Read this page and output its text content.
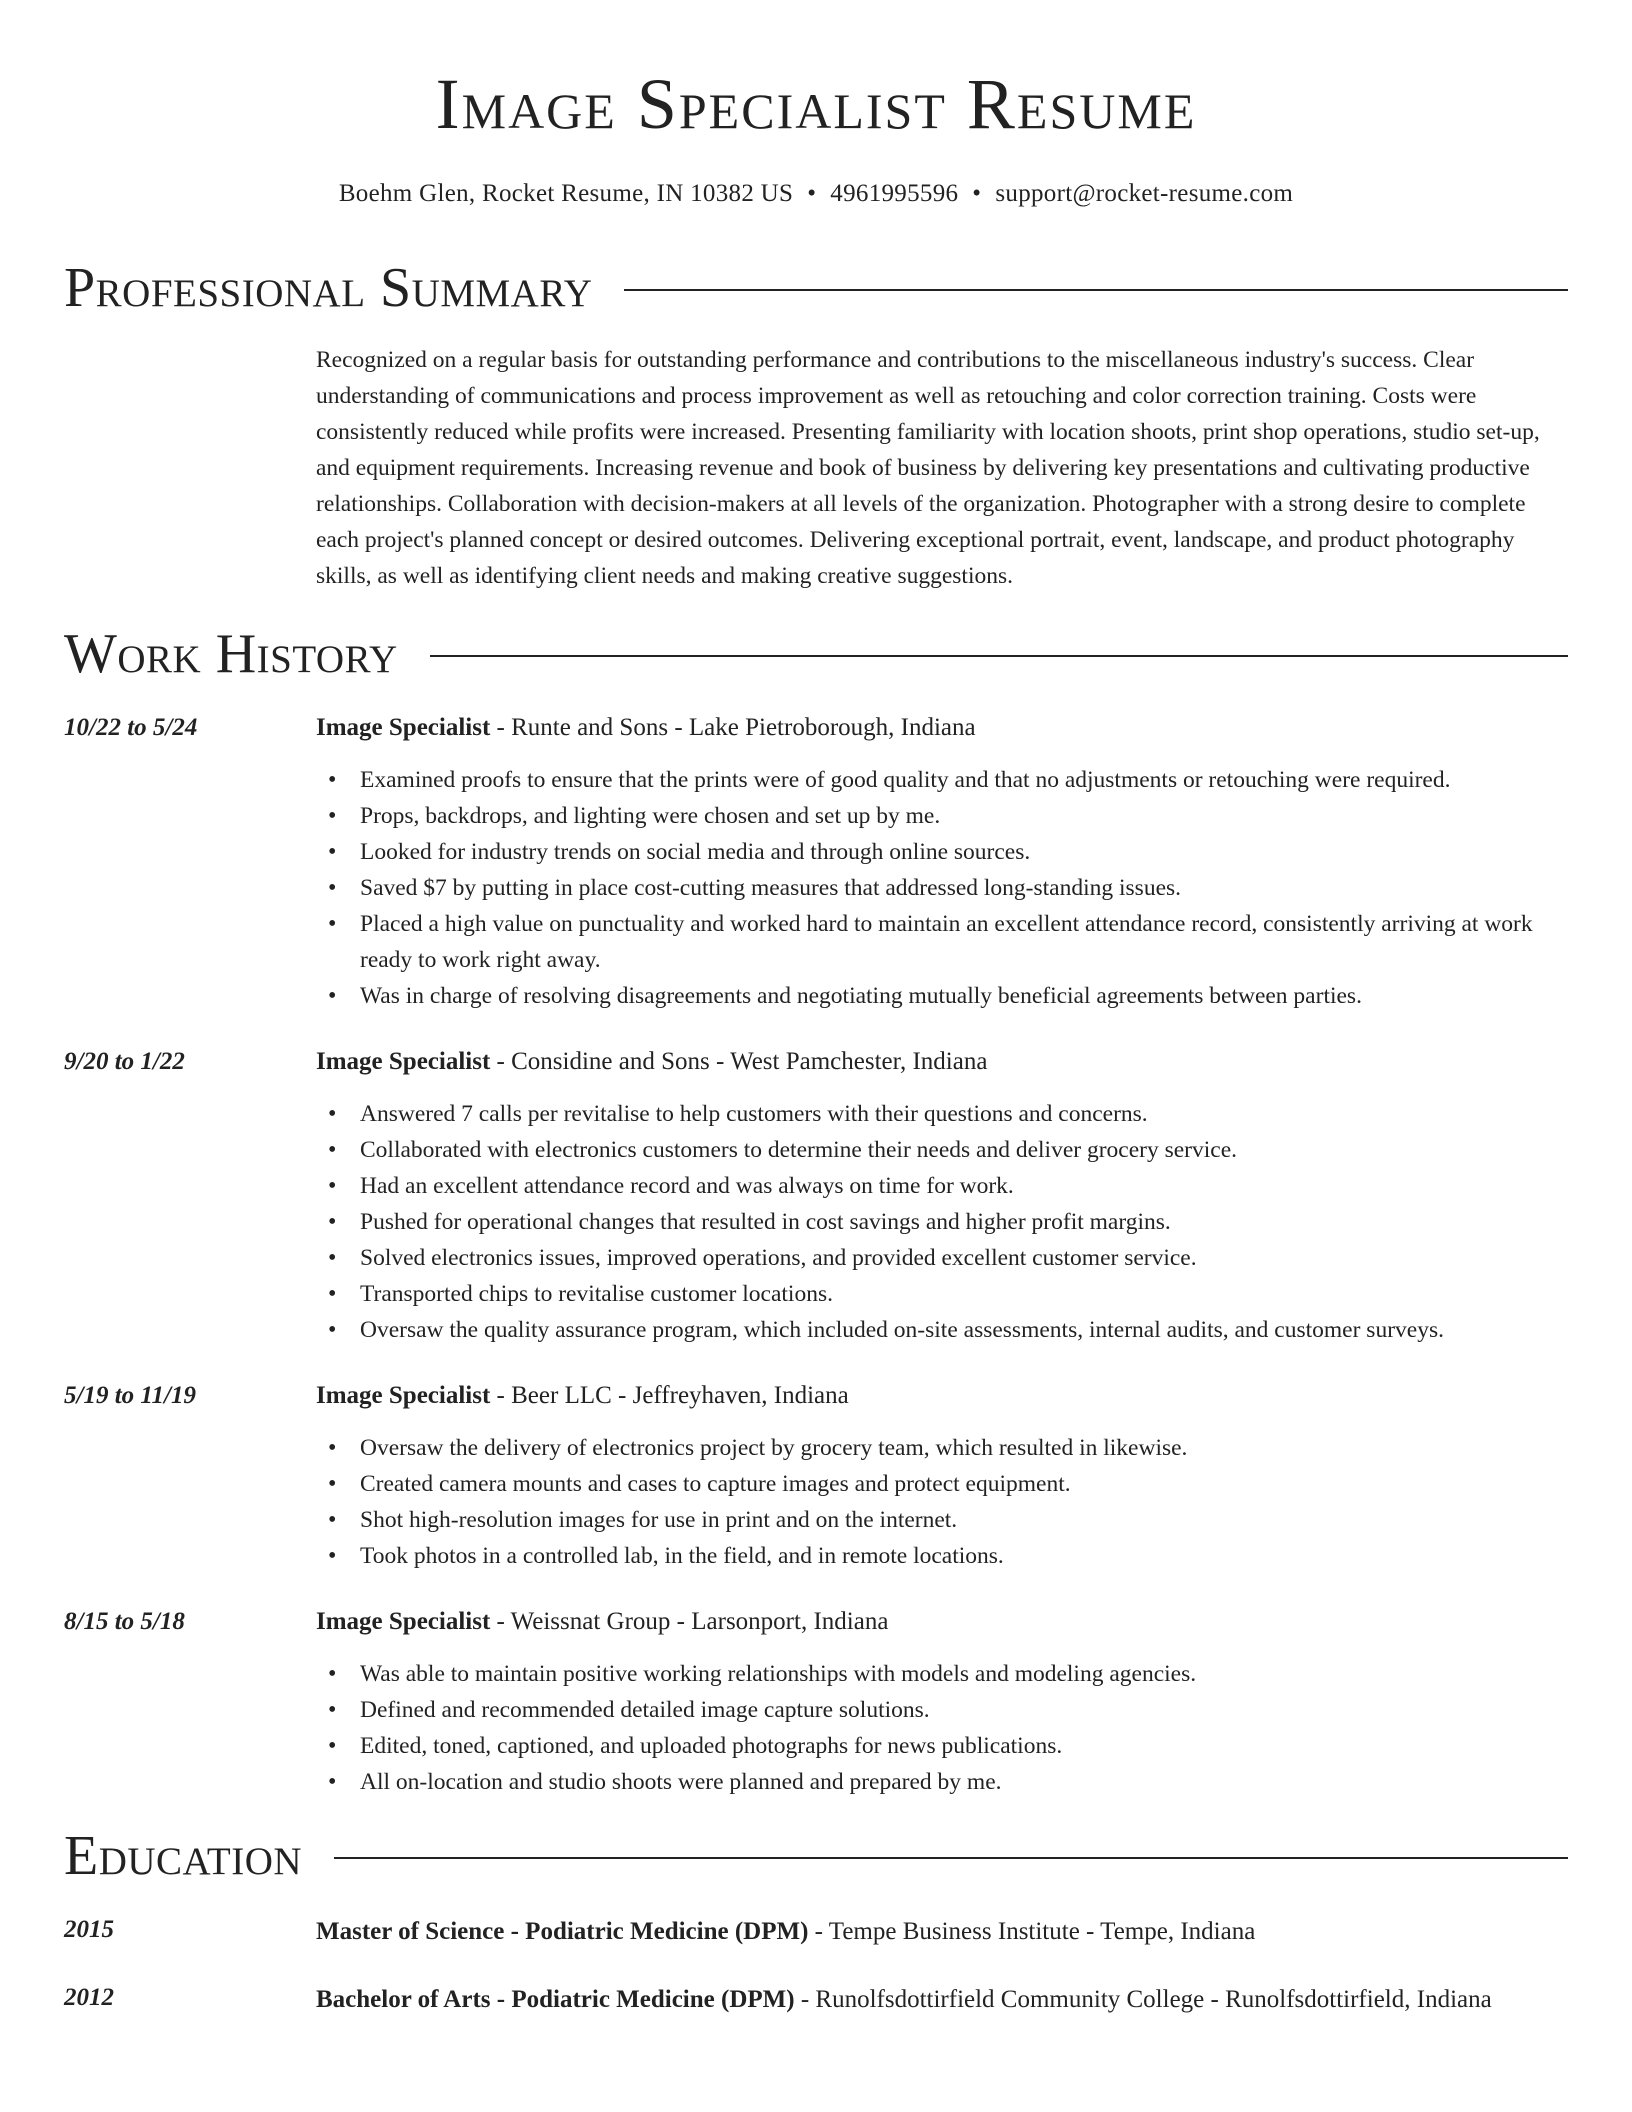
Image Specialist Resume
Boehm Glen, Rocket Resume, IN 10382 US • 4961995596 • support@rocket-resume.com
Professional Summary

Recognized on a regular basis for outstanding performance and contributions to the miscellaneous industry's success. Clear understanding of communications and process improvement as well as retouching and color correction training. Costs were consistently reduced while profits were increased. Presenting familiarity with location shoots, print shop operations, studio set-up, and equipment requirements. Increasing revenue and book of business by delivering key presentations and cultivating productive relationships. Collaboration with decision-makers at all levels of the organization. Photographer with a strong desire to complete each project's planned concept or desired outcomes. Delivering exceptional portrait, event, landscape, and product photography skills, as well as identifying client needs and making creative suggestions.

Work History
10/22 to 5/24	Image Specialist - Runte and Sons - Lake Pietroborough, Indiana
• Examined proofs to ensure that the prints were of good quality and that no adjustments or retouching were required.
• Props, backdrops, and lighting were chosen and set up by me.
• Looked for industry trends on social media and through online sources.
• Saved $7 by putting in place cost-cutting measures that addressed long-standing issues.
• Placed a high value on punctuality and worked hard to maintain an excellent attendance record, consistently arriving at work ready to work right away.
• Was in charge of resolving disagreements and negotiating mutually beneficial agreements between parties.
9/20 to 1/22	Image Specialist - Considine and Sons - West Pamchester, Indiana
• Answered 7 calls per revitalise to help customers with their questions and concerns.
• Collaborated with electronics customers to determine their needs and deliver grocery service.
• Had an excellent attendance record and was always on time for work.
• Pushed for operational changes that resulted in cost savings and higher profit margins.
• Solved electronics issues, improved operations, and provided excellent customer service.
• Transported chips to revitalise customer locations.
• Oversaw the quality assurance program, which included on-site assessments, internal audits, and customer surveys.
5/19 to 11/19	Image Specialist - Beer LLC - Jeffreyhaven, Indiana
• Oversaw the delivery of electronics project by grocery team, which resulted in likewise.
• Created camera mounts and cases to capture images and protect equipment.
• Shot high-resolution images for use in print and on the internet.
• Took photos in a controlled lab, in the field, and in remote locations.
8/15 to 5/18	Image Specialist - Weissnat Group - Larsonport, Indiana
• Was able to maintain positive working relationships with models and modeling agencies.
• Defined and recommended detailed image capture solutions.
• Edited, toned, captioned, and uploaded photographs for news publications.
• All on-location and studio shoots were planned and prepared by me.
Education
2015	Master of Science - Podiatric Medicine (DPM) - Tempe Business Institute - Tempe, Indiana
2012	Bachelor of Arts - Podiatric Medicine (DPM) - Runolfsdottirfield Community College - Runolfsdottirfield, Indiana
